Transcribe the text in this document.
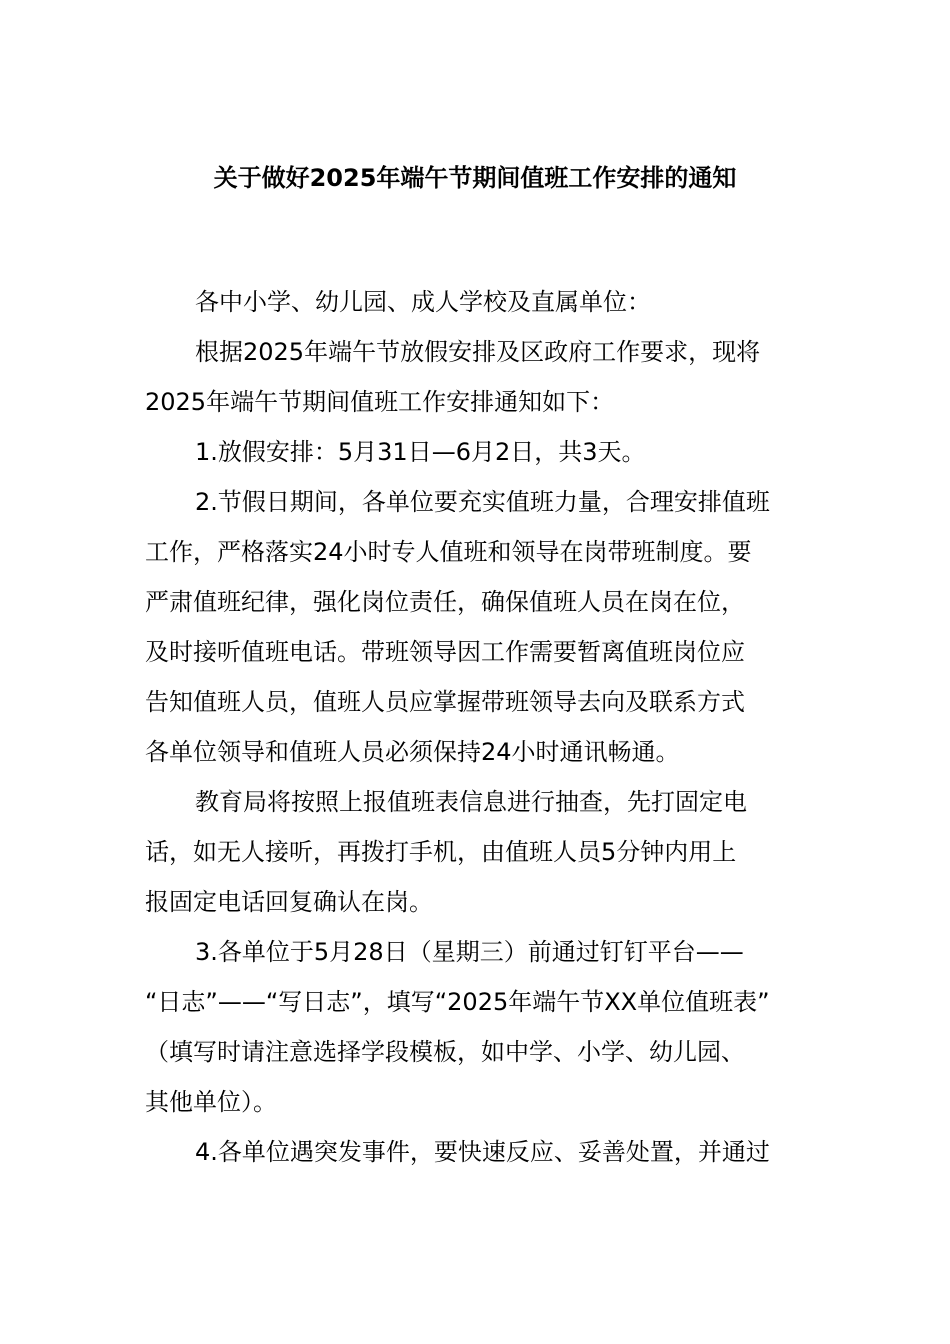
关于做好2025年端午节期间值班工作安排的通知
各中小学、幼儿园、成人学校及直属单位：
根据2025年端午节放假安排及区政府工作要求，现将
2025年端午节期间值班工作安排通知如下：
1.放假安排：5月31日—6月2日，共3天。
2.节假日期间，各单位要充实值班力量，合理安排值班
工作，严格落实24小时专人值班和领导在岗带班制度。要
严肃值班纪律，强化岗位责任，确保值班人员在岗在位，
及时接听值班电话。带班领导因工作需要暂离值班岗位应
告知值班人员，值班人员应掌握带班领导去向及联系方式
各单位领导和值班人员必须保持24小时通讯畅通。
教育局将按照上报值班表信息进行抽查，先打固定电
话，如无人接听，再拨打手机，由值班人员5分钟内用上
报固定电话回复确认在岗。
3.各单位于5月28日（星期三）前通过钉钉平台——
“日志”——“写日志”，填写“2025年端午节XX单位值班表”
（填写时请注意选择学段模板，如中学、小学、幼儿园、
其他单位）。
4.各单位遇突发事件，要快速反应、妥善处置，并通过
